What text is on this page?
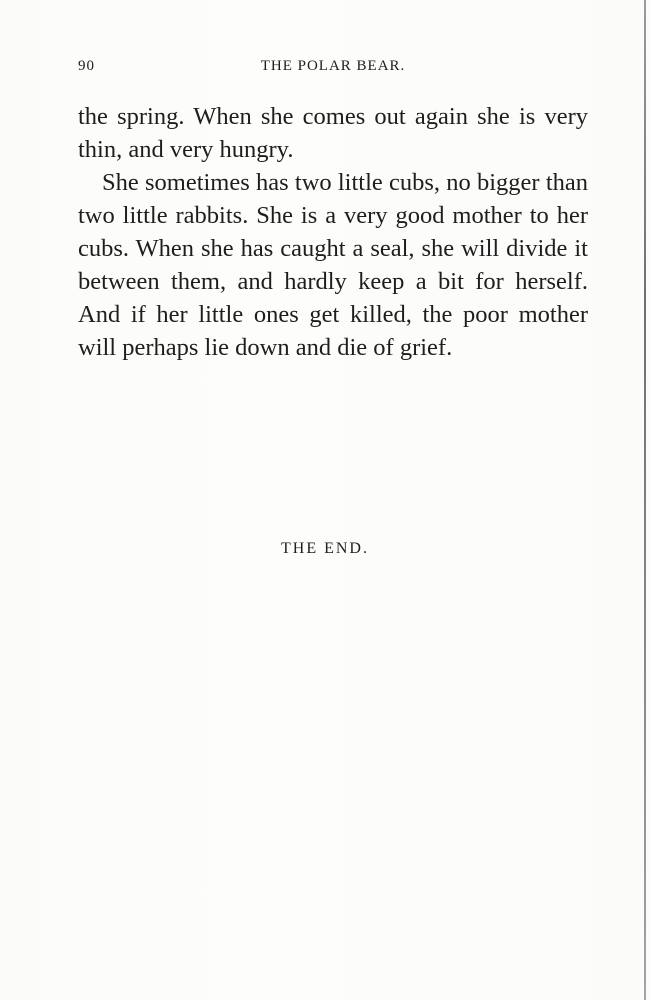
90	THE POLAR BEAR.

the spring. When she comes out again she is very thin, and very hungry.

She sometimes has two little cubs, no bigger than two little rabbits. She is a very good mother to her cubs. When she has caught a seal, she will divide it between them, and hardly keep a bit for herself. And if her little ones get killed, the poor mother will perhaps lie down and die of grief.

THE END.
